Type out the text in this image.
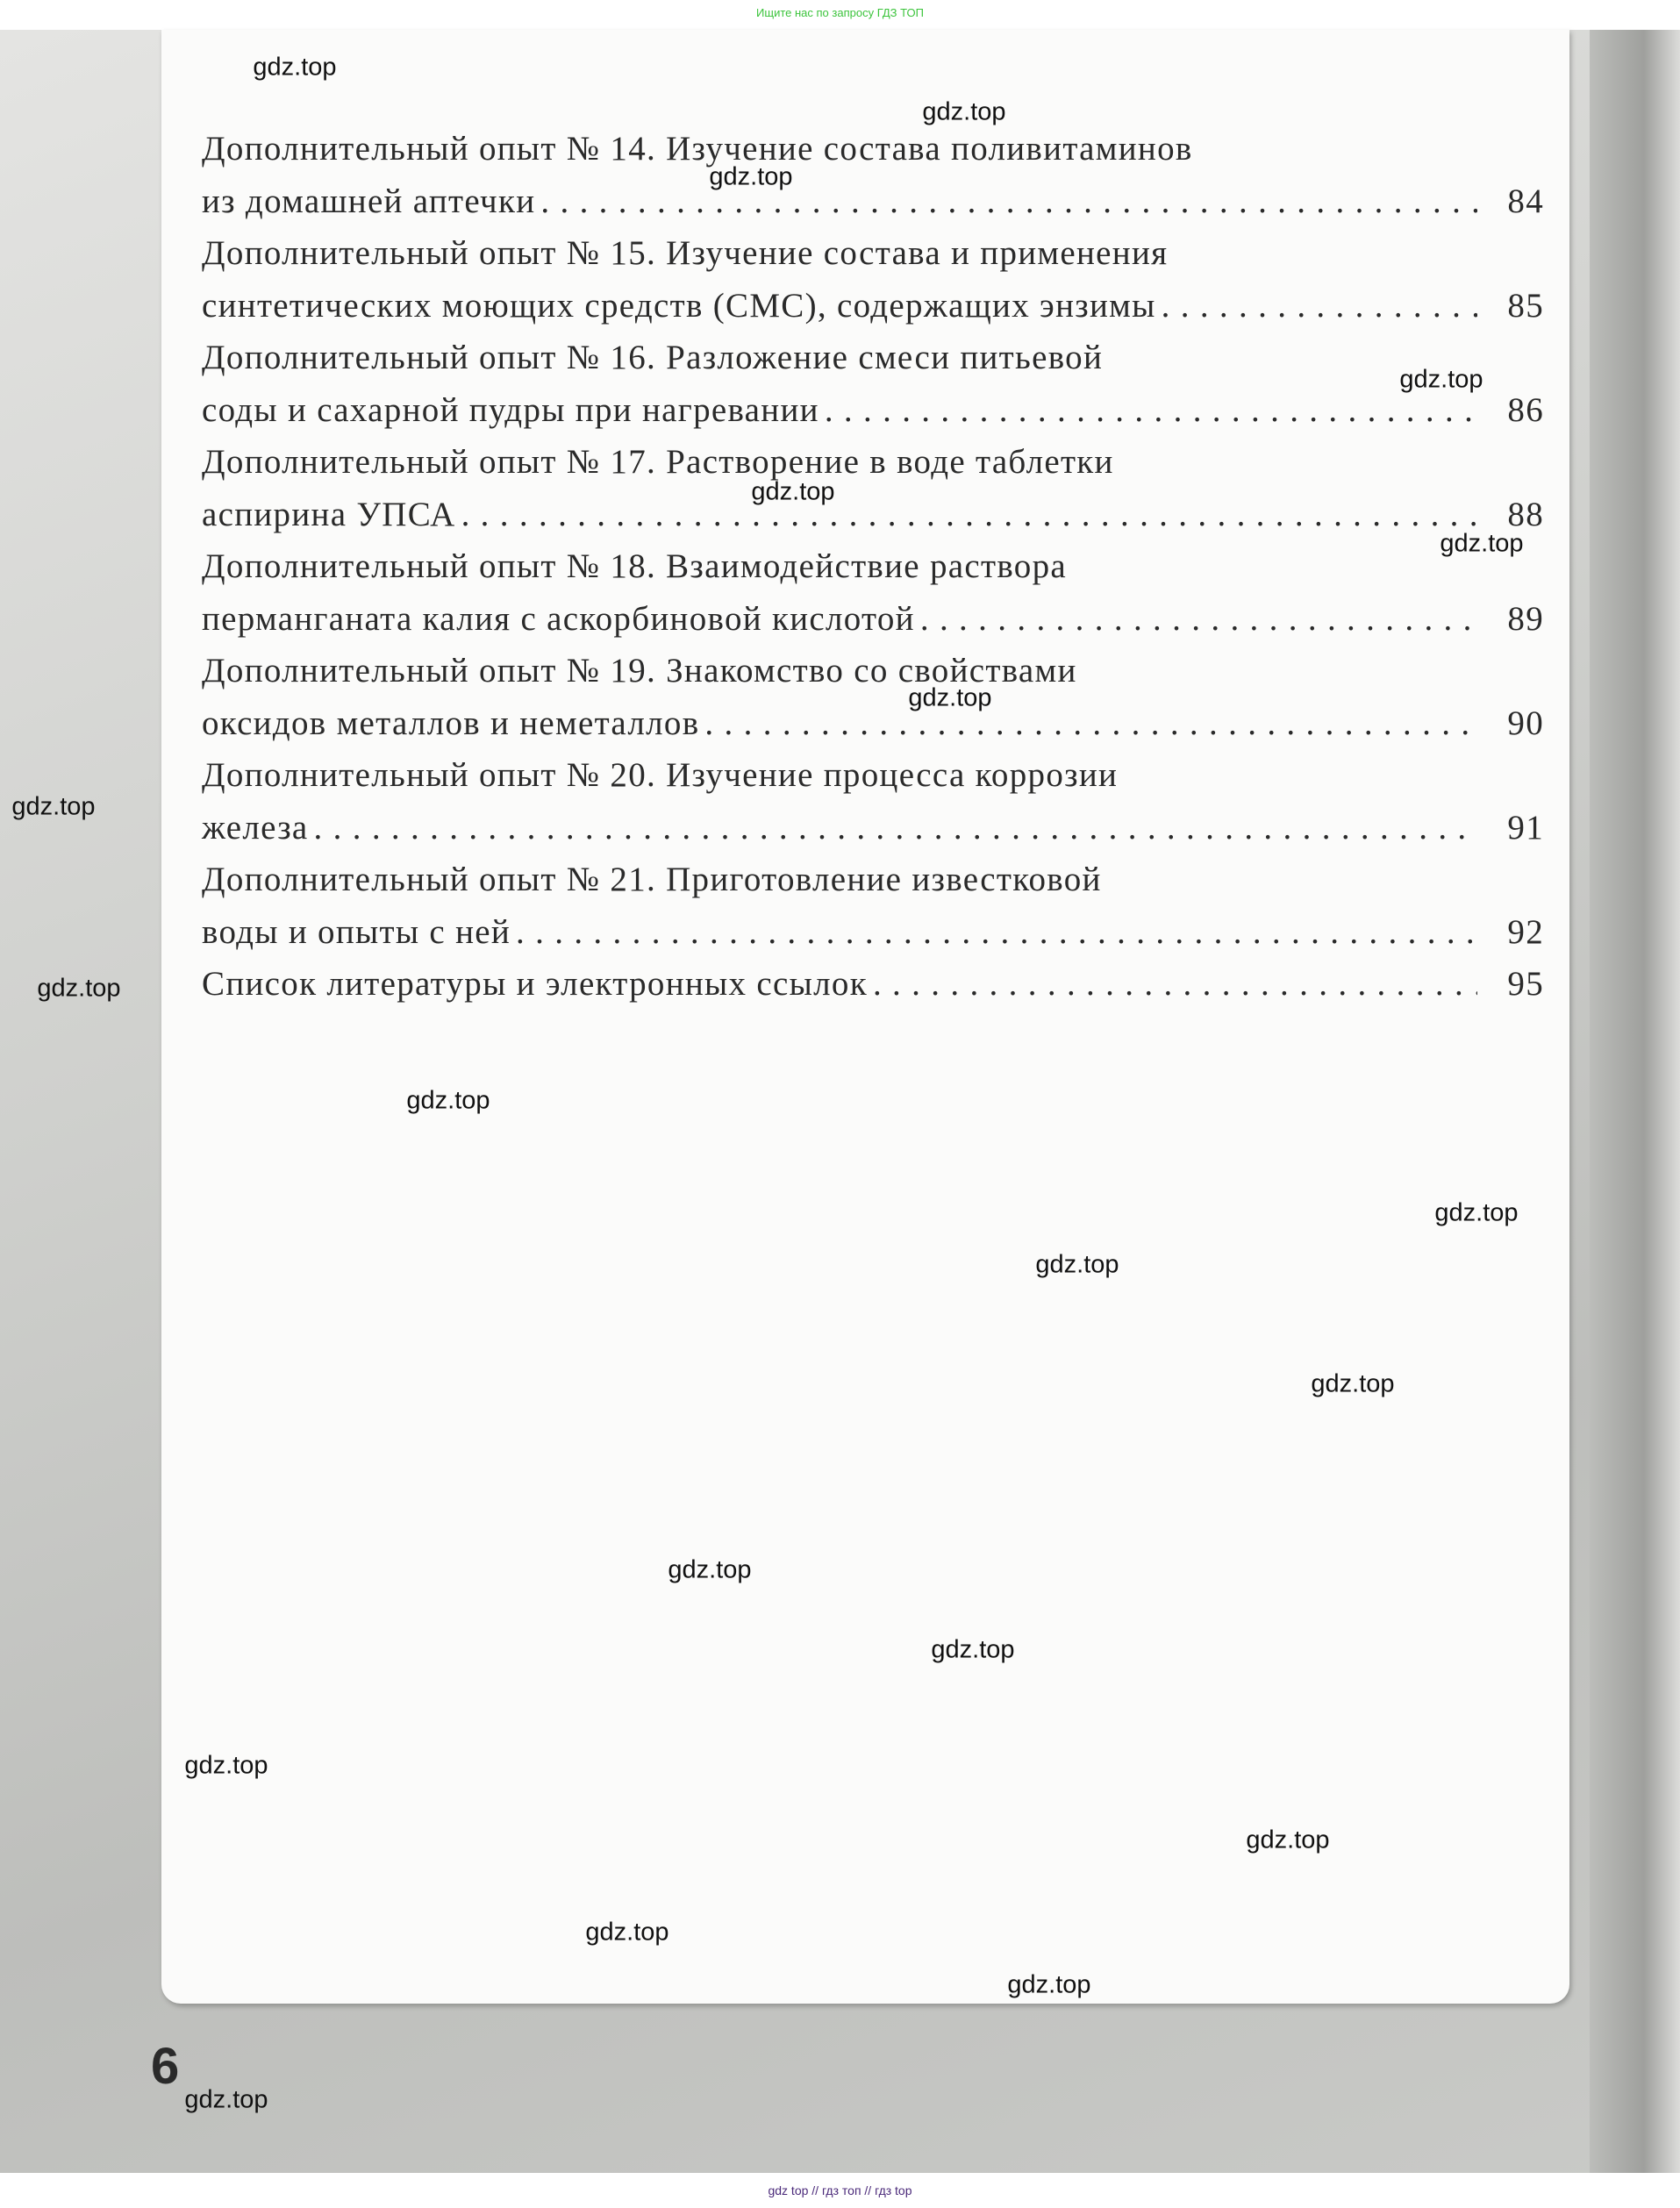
Ищите нас по запросу ГДЗ ТОП
Дополнительный опыт № 14. Изучение состава поливитаминов
из домашней аптечки . . .	84
Дополнительный опыт № 15. Изучение состава и применения
синтетических моющих средств (СМС), содержащих энзимы . . .	85
Дополнительный опыт № 16. Разложение смеси питьевой
соды и сахарной пудры при нагревании . . .	86
Дополнительный опыт № 17. Растворение в воде таблетки
аспирина УПСА . . .	88
Дополнительный опыт № 18. Взаимодействие раствора
перманганата калия с аскорбиновой кислотой . . .	89
Дополнительный опыт № 19. Знакомство со свойствами
оксидов металлов и неметаллов . . .	90
Дополнительный опыт № 20. Изучение процесса коррозии
железа . . .	91
Дополнительный опыт № 21. Приготовление известковой
воды и опыты с ней . . .	92
Список литературы и электронных ссылок . . .	95
6
gdz.top
gdz.top
gdz.top
gdz.top
gdz.top
gdz.top
gdz.top
gdz.top
gdz.top
gdz.top
gdz.top
gdz.top
gdz.top
gdz.top
gdz.top
gdz.top
gdz.top
gdz.top
gdz.top
gdz.top
gdz top // гдз топ // гдз top
